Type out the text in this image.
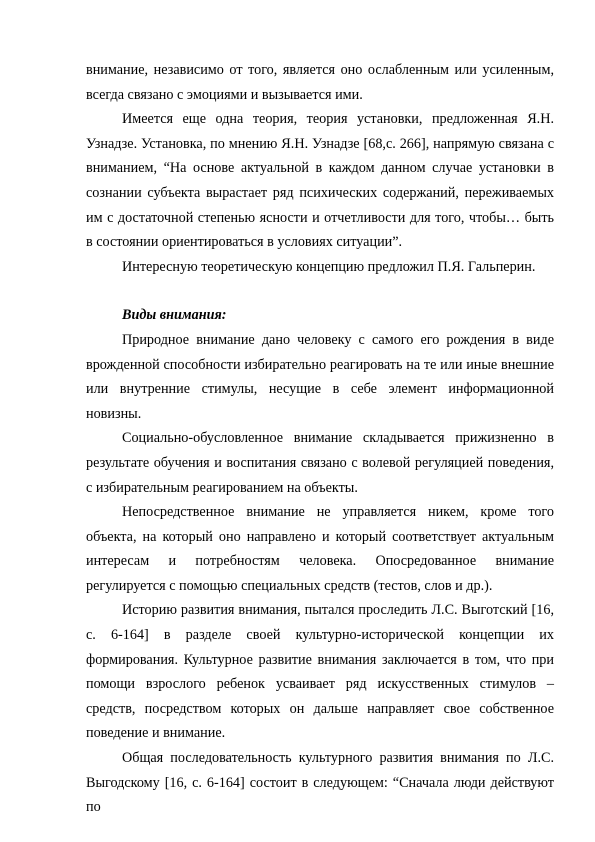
внимание, независимо от того, является оно ослабленным или усиленным, всегда связано с эмоциями и вызывается ими.

Имеется еще одна теория, теория установки, предложенная Я.Н. Узнадзе. Установка, по мнению Я.Н. Узнадзе [68,с. 266], напрямую связана с вниманием, “На основе актуальной в каждом данном случае установки в сознании субъекта вырастает ряд психических содержаний, переживаемых им с достаточной степенью ясности и отчетливости для того, чтобы… быть в состоянии ориентироваться в условиях ситуации”.

Интересную теоретическую концепцию предложил П.Я. Гальперин.

Виды внимания:

Природное внимание дано человеку с самого его рождения в виде врожденной способности избирательно реагировать на те или иные внешние или внутренние стимулы, несущие в себе элемент информационной новизны.

Социально-обусловленное внимание складывается прижизненно в результате обучения и воспитания связано с волевой регуляцией поведения, с избирательным реагированием на объекты.

Непосредственное внимание не управляется никем, кроме того объекта, на который оно направлено и который соответствует актуальным интересам и потребностям человека. Опосредованное внимание регулируется с помощью специальных средств (тестов, слов и др.).

Историю развития внимания, пытался проследить Л.С. Выготский [16, с. 6-164] в разделе своей культурно-исторической концепции их формирования. Культурное развитие внимания заключается в том, что при помощи взрослого ребенок усваивает ряд искусственных стимулов – средств, посредством которых он дальше направляет свое собственное поведение и внимание.

Общая последовательность культурного развития внимания по Л.С. Выгодскому [16, с. 6-164] состоит в следующем: “Сначала люди действуют по
